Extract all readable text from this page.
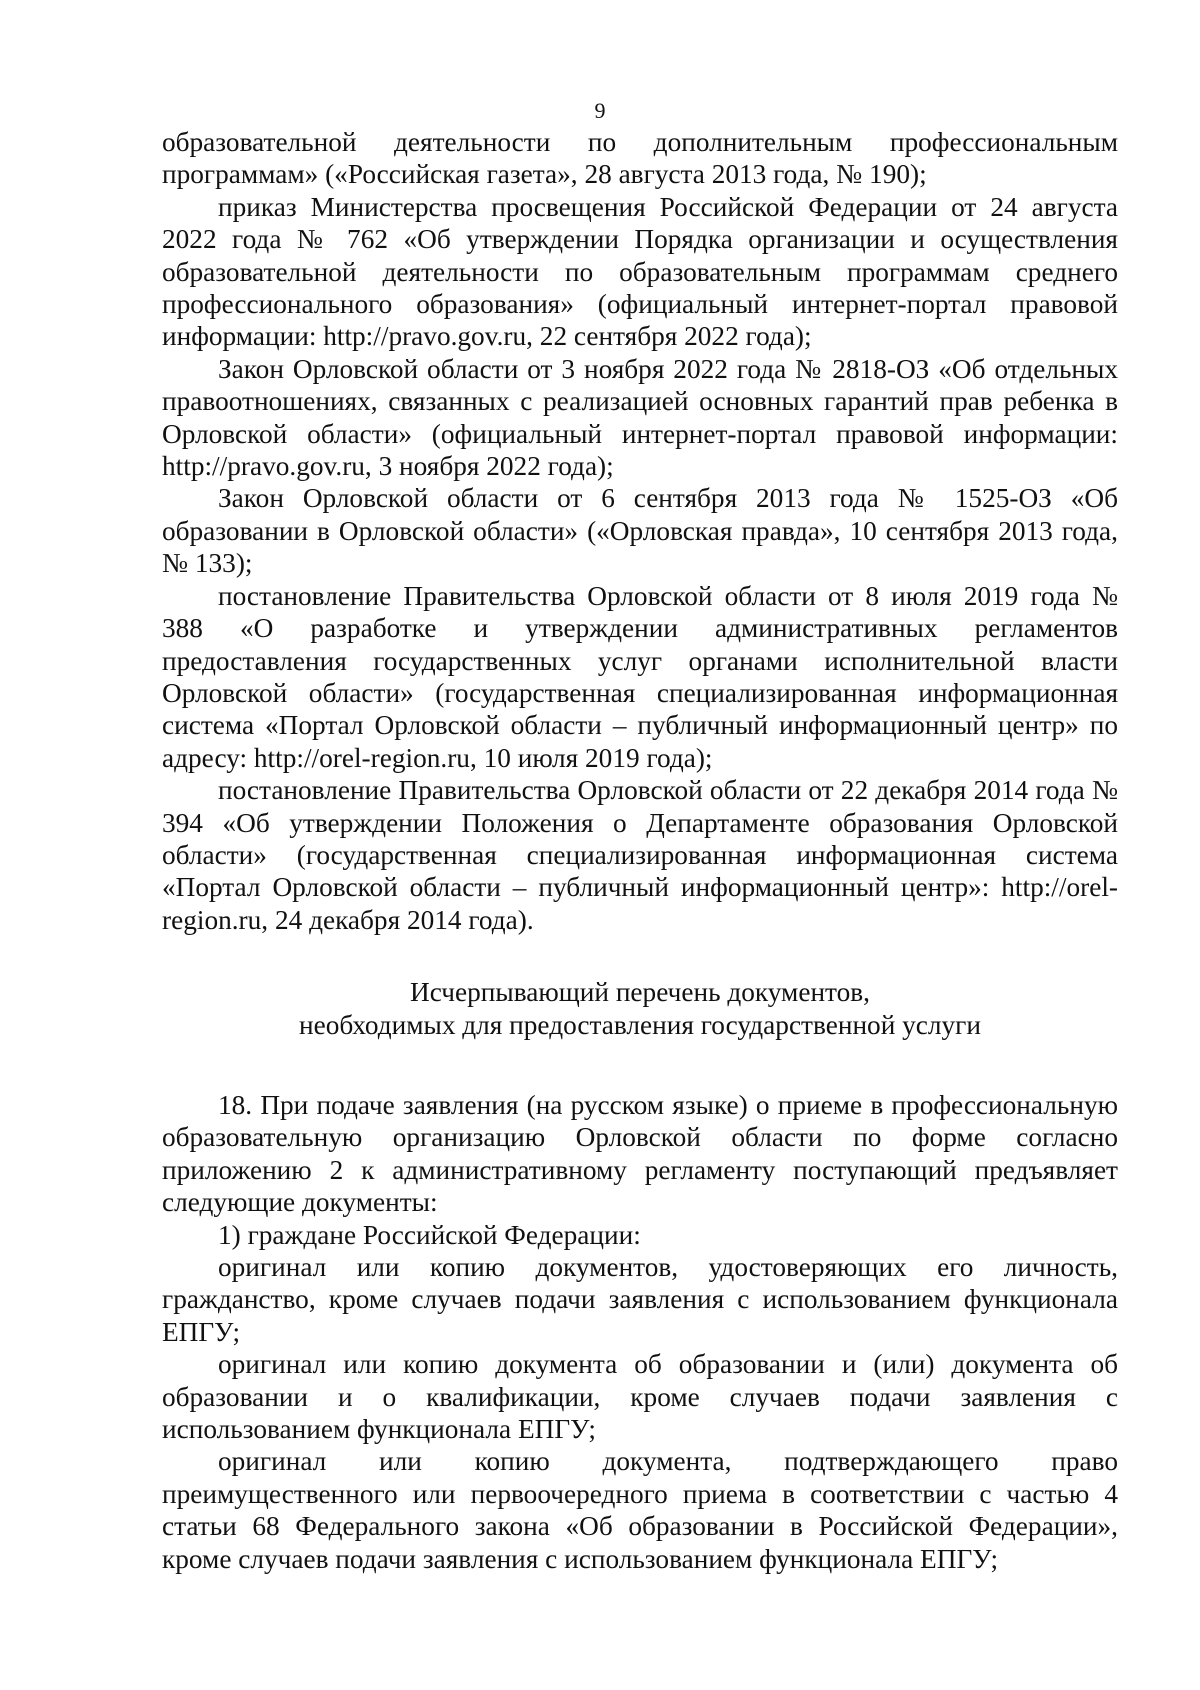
9

образовательной деятельности по дополнительным профессиональным программам» («Российская газета», 28 августа 2013 года, № 190);

приказ Министерства просвещения Российской Федерации от 24 августа 2022 года № 762 «Об утверждении Порядка организации и осуществления образовательной деятельности по образовательным программам среднего профессионального образования» (официальный интернет-портал правовой информации: http://pravo.gov.ru, 22 сентября 2022 года);

Закон Орловской области от 3 ноября 2022 года № 2818-ОЗ «Об отдельных правоотношениях, связанных с реализацией основных гарантий прав ребенка в Орловской области» (официальный интернет-портал правовой информации: http://pravo.gov.ru, 3 ноября 2022 года);

Закон Орловской области от 6 сентября 2013 года № 1525-ОЗ «Об образовании в Орловской области» («Орловская правда», 10 сентября 2013 года, № 133);

постановление Правительства Орловской области от 8 июля 2019 года № 388 «О разработке и утверждении административных регламентов предоставления государственных услуг органами исполнительной власти Орловской области» (государственная специализированная информационная система «Портал Орловской области – публичный информационный центр» по адресу: http://orel-region.ru, 10 июля 2019 года);

постановление Правительства Орловской области от 22 декабря 2014 года № 394 «Об утверждении Положения о Департаменте образования Орловской области» (государственная специализированная информационная система «Портал Орловской области – публичный информационный центр»: http://orel-region.ru, 24 декабря 2014 года).

Исчерпывающий перечень документов,
необходимых для предоставления государственной услуги

18. При подаче заявления (на русском языке) о приеме в профессиональную образовательную организацию Орловской области по форме согласно приложению 2 к административному регламенту поступающий предъявляет следующие документы:

1) граждане Российской Федерации:

оригинал или копию документов, удостоверяющих его личность, гражданство, кроме случаев подачи заявления с использованием функционала ЕПГУ;

оригинал или копию документа об образовании и (или) документа об образовании и о квалификации, кроме случаев подачи заявления с использованием функционала ЕПГУ;

оригинал или копию документа, подтверждающего право преимущественного или первоочередного приема в соответствии с частью 4 статьи 68 Федерального закона «Об образовании в Российской Федерации», кроме случаев подачи заявления с использованием функционала ЕПГУ;
